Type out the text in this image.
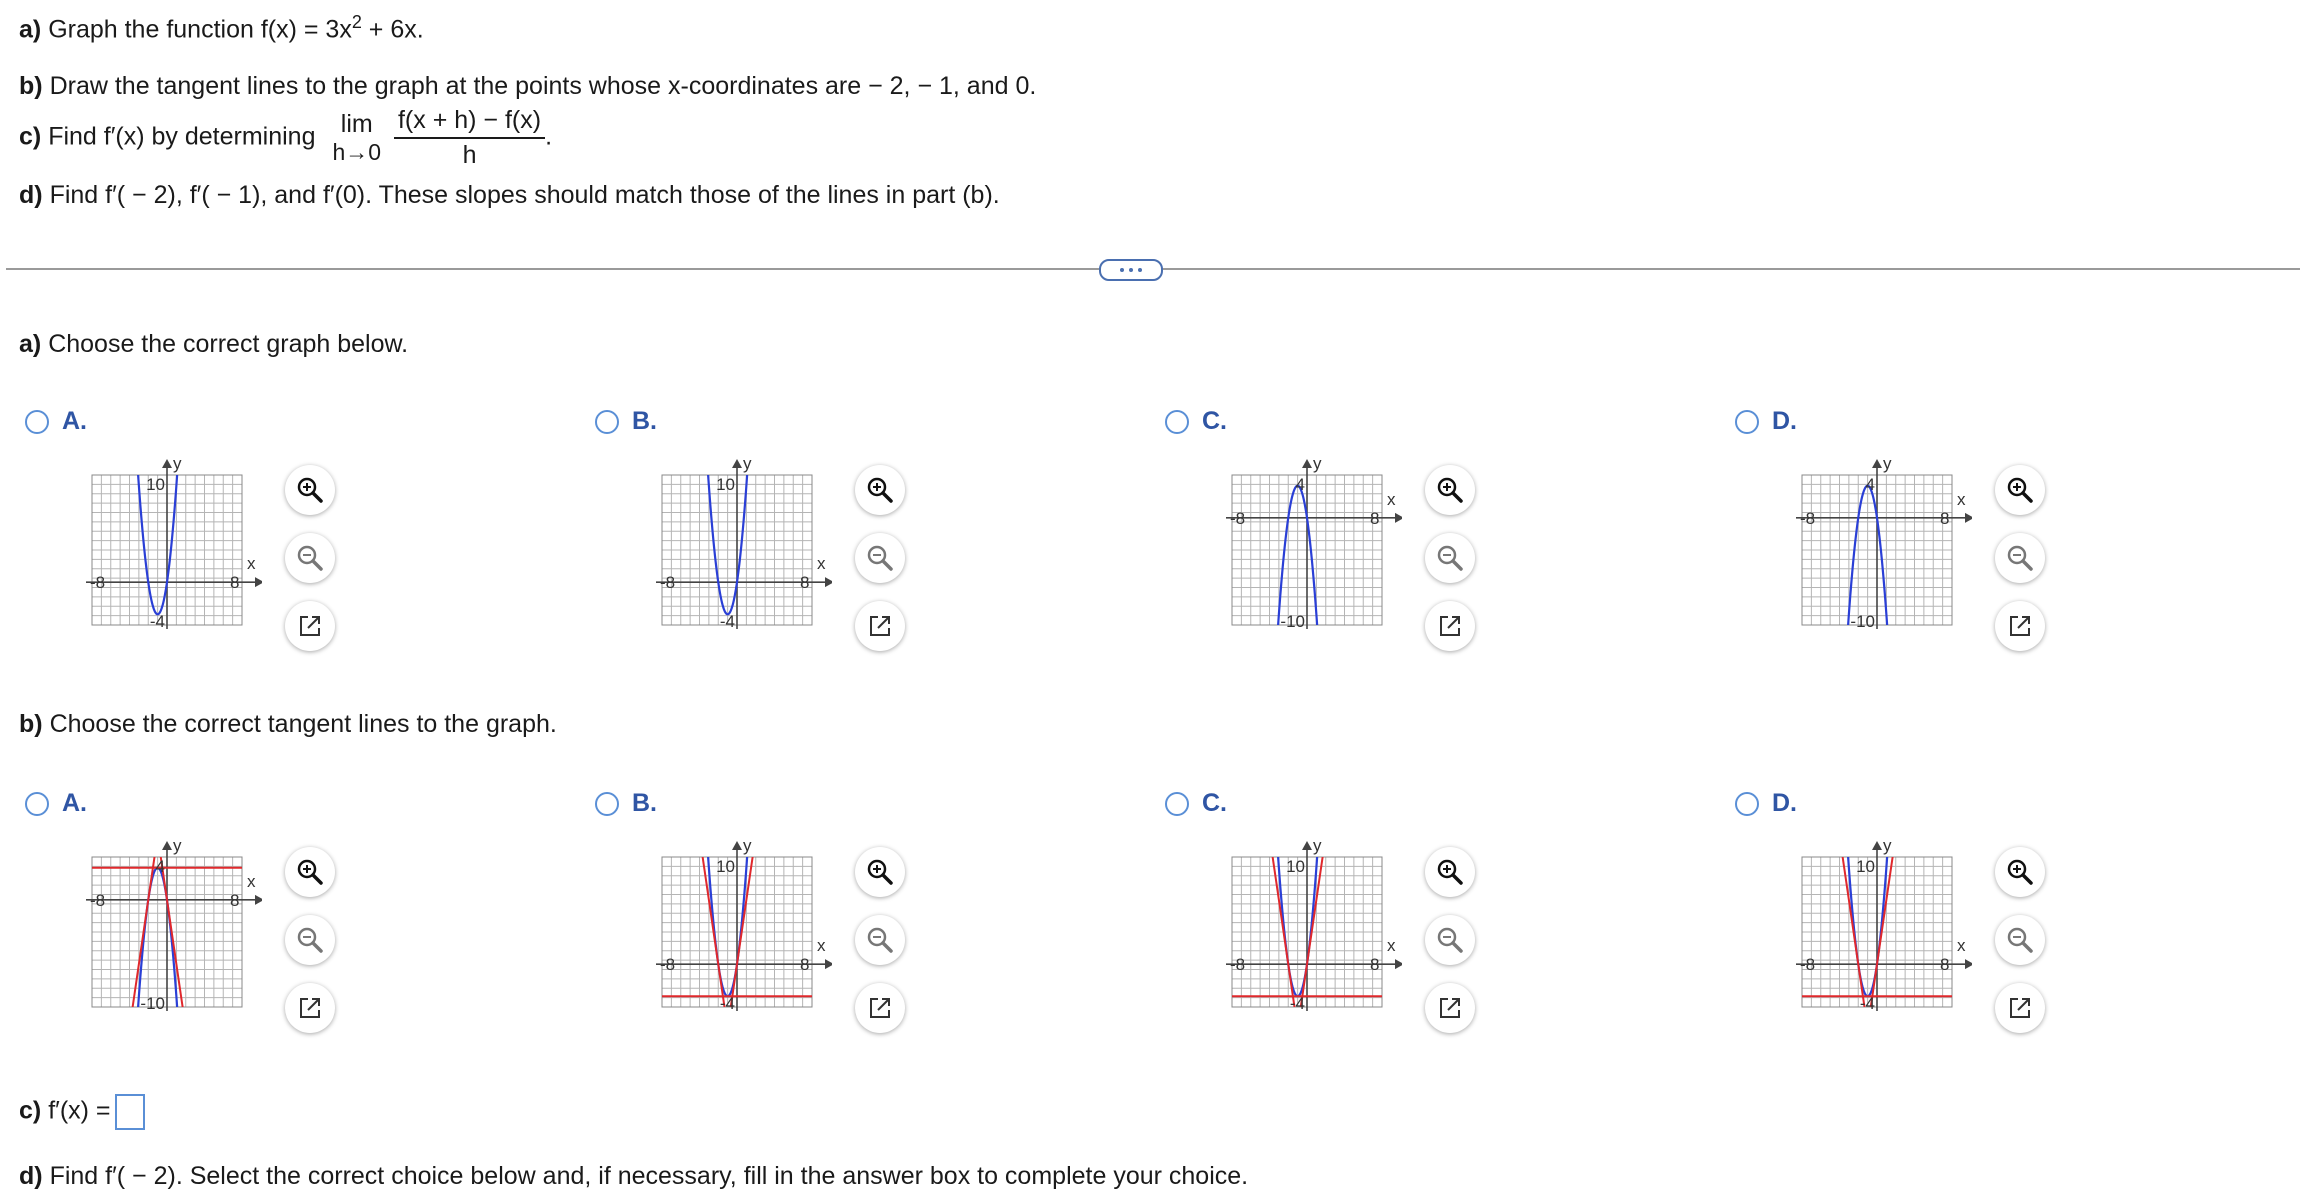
a) Graph the function $f(x) = 3x^2 + 6x$.
b) Draw the tangent lines to the graph at the points whose x-coordinates are − 2, − 1, and 0.
c) Find f′(x) by determining	lim
h→0
$\frac{f(x + h) - f(x)}{h}$ .
d) Find f′( − 2), f′( − 1), and f′(0). These slopes should match those of the lines in part (b).
a) Choose the correct graph below.
A.
10
-4
-8	8
x
y
B.
10
-4
-8	8
x
y
C.
4
-10
-8	8
x
y
D.
4
-10
-8	8
x
y
b) Choose the correct tangent lines to the graph.
A.
4
-10
-8	8
x
y
B.
10
-4
-8	8
x
y
C.
10
-4
-8	8
x
y
D.
10
-4
-8	8
x
y
c) f′(x) =
d) Find f′( − 2). Select the correct choice below and, if necessary, fill in the answer box to complete your choice.
